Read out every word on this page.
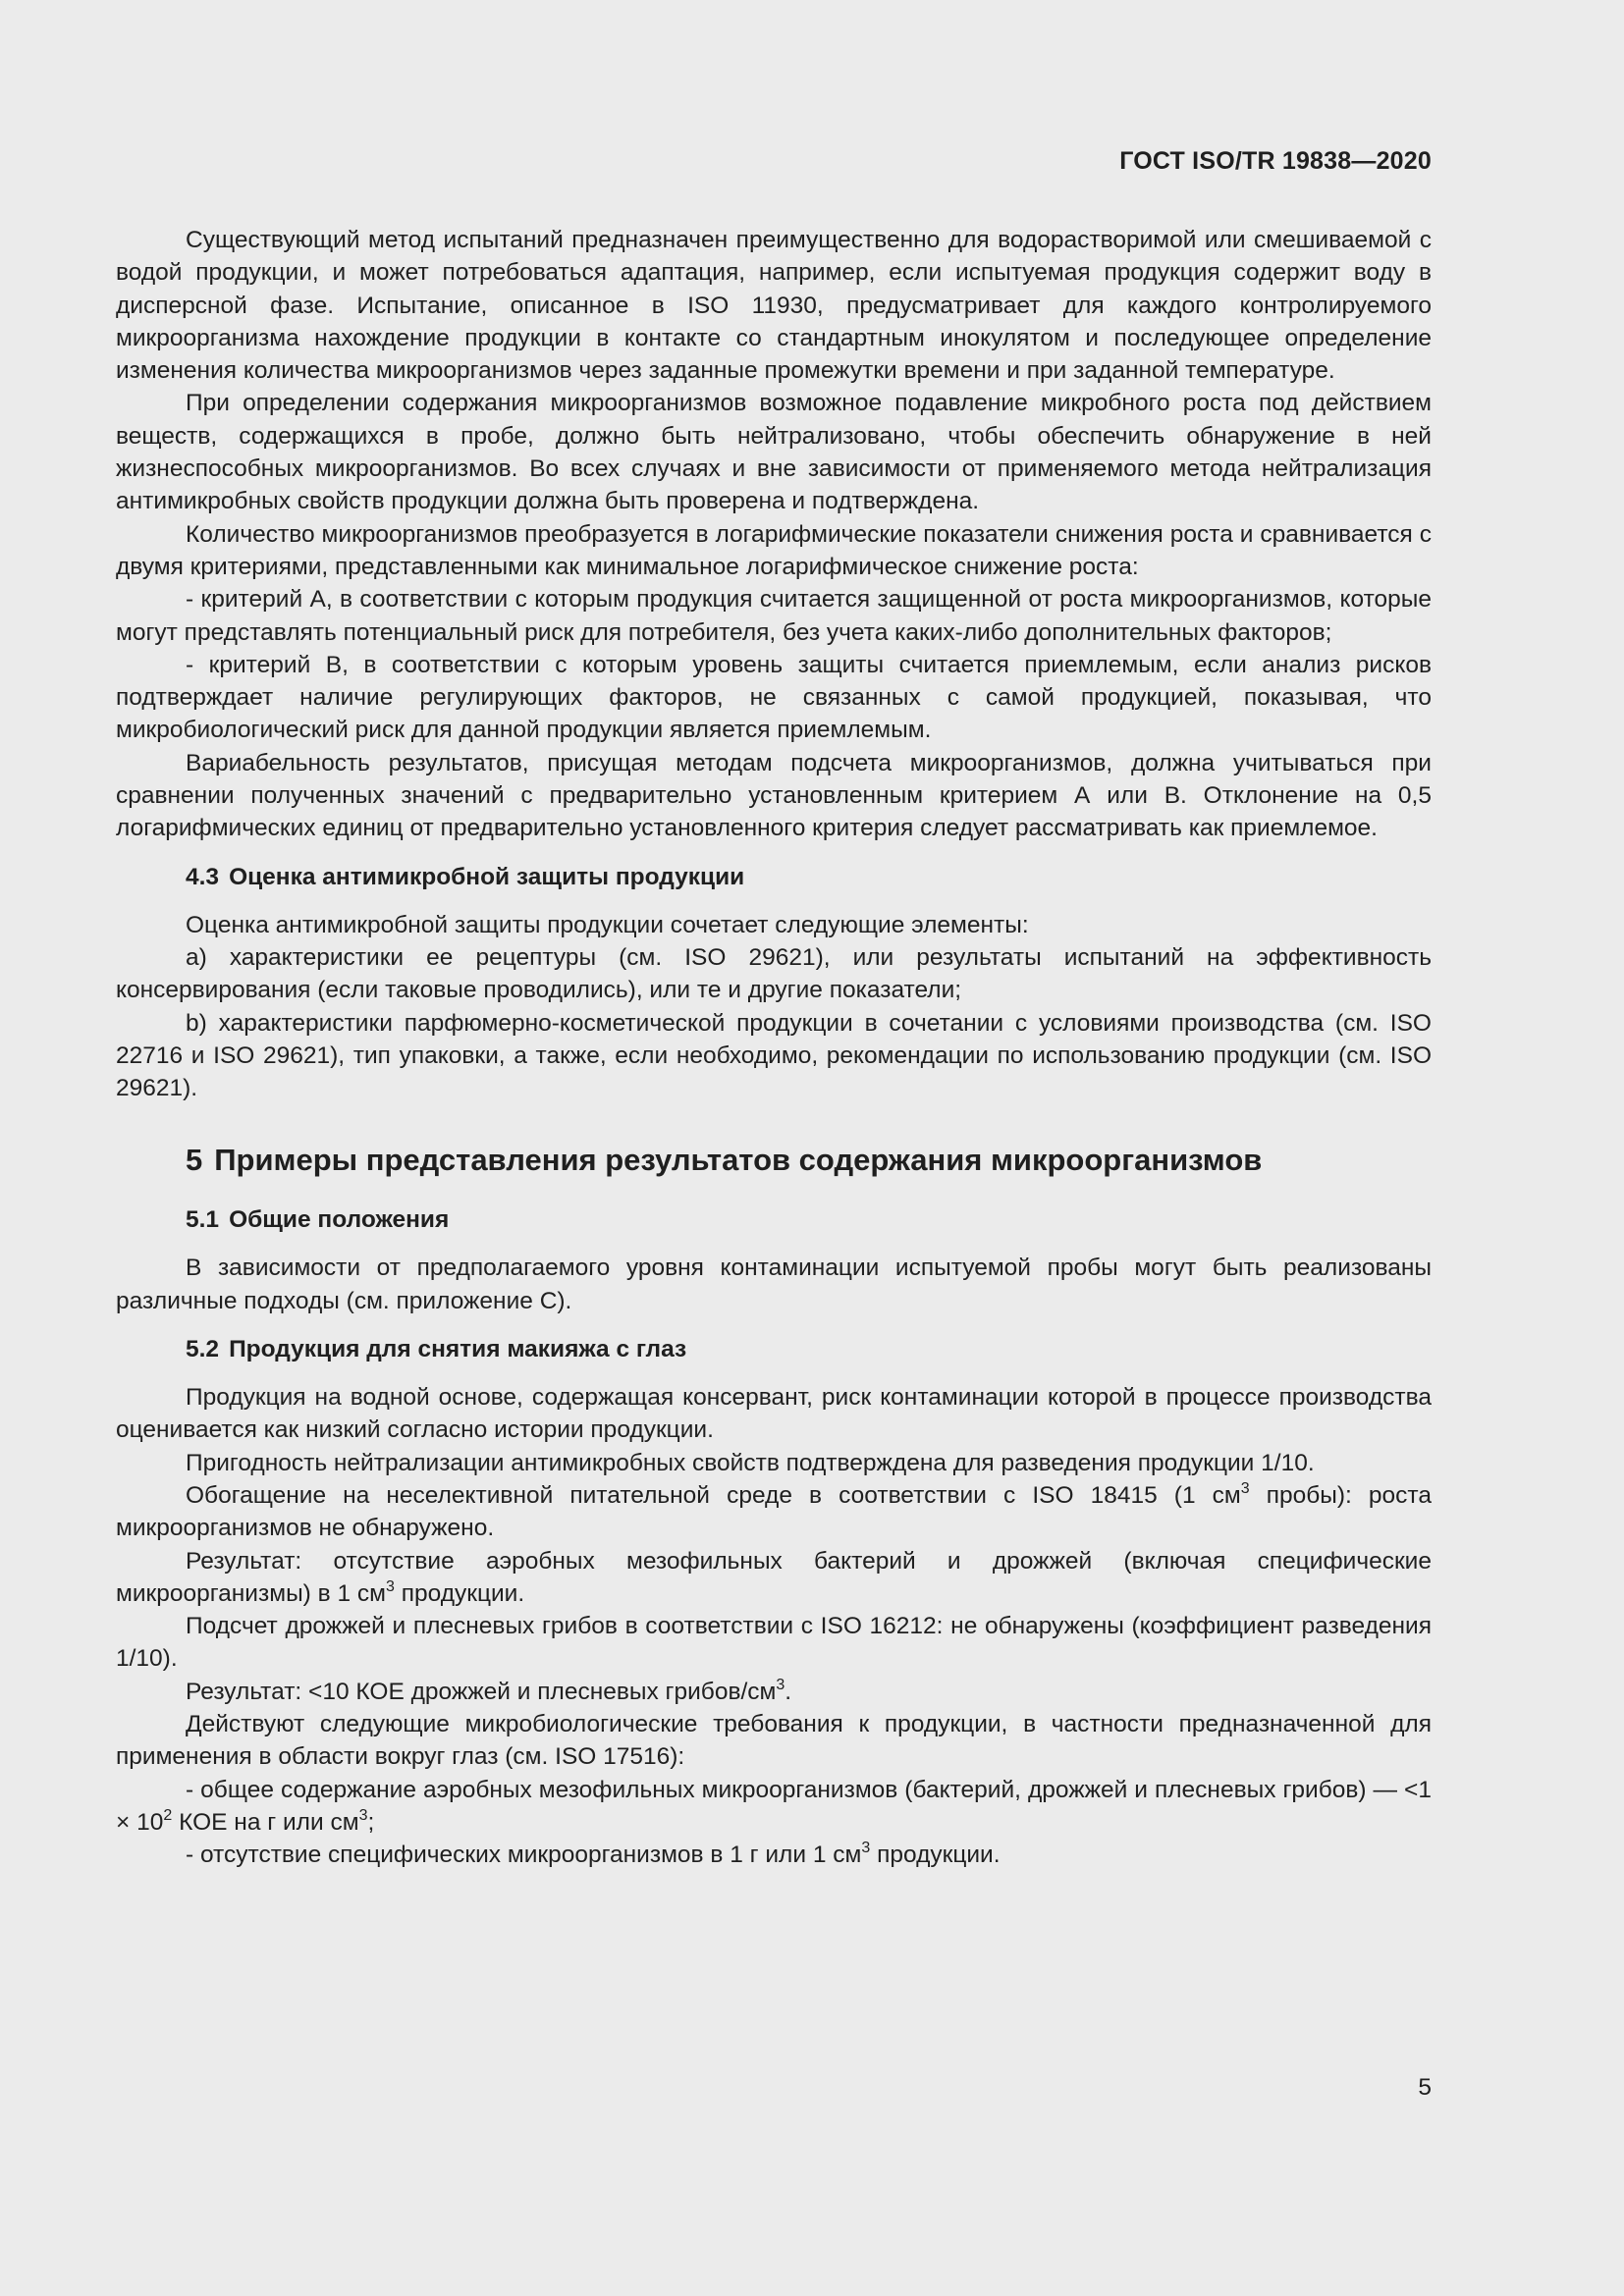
ГОСТ ISO/TR 19838—2020

Существующий метод испытаний предназначен преимущественно для водорастворимой или смешиваемой с водой продукции, и может потребоваться адаптация, например, если испытуемая продукция содержит воду в дисперсной фазе. Испытание, описанное в ISO 11930, предусматривает для каждого контролируемого микроорганизма нахождение продукции в контакте со стандартным инокулятом и последующее определение изменения количества микроорганизмов через заданные промежутки времени и при заданной температуре.

При определении содержания микроорганизмов возможное подавление микробного роста под действием веществ, содержащихся в пробе, должно быть нейтрализовано, чтобы обеспечить обнаружение в ней жизнеспособных микроорганизмов. Во всех случаях и вне зависимости от применяемого метода нейтрализация антимикробных свойств продукции должна быть проверена и подтверждена.

Количество микроорганизмов преобразуется в логарифмические показатели снижения роста и сравнивается с двумя критериями, представленными как минимальное логарифмическое снижение роста:

- критерий А, в соответствии с которым продукция считается защищенной от роста микроорганизмов, которые могут представлять потенциальный риск для потребителя, без учета каких-либо дополнительных факторов;

- критерий В, в соответствии с которым уровень защиты считается приемлемым, если анализ рисков подтверждает наличие регулирующих факторов, не связанных с самой продукцией, показывая, что микробиологический риск для данной продукции является приемлемым.

Вариабельность результатов, присущая методам подсчета микроорганизмов, должна учитываться при сравнении полученных значений с предварительно установленным критерием А или В. Отклонение на 0,5 логарифмических единиц от предварительно установленного критерия следует рассматривать как приемлемое.

4.3 Оценка антимикробной защиты продукции

Оценка антимикробной защиты продукции сочетает следующие элементы:

a) характеристики ее рецептуры (см. ISO 29621), или результаты испытаний на эффективность консервирования (если таковые проводились), или те и другие показатели;

b) характеристики парфюмерно-косметической продукции в сочетании с условиями производства (см. ISO 22716 и ISO 29621), тип упаковки, а также, если необходимо, рекомендации по использованию продукции (см. ISO 29621).

5 Примеры представления результатов содержания микроорганизмов
5.1 Общие положения

В зависимости от предполагаемого уровня контаминации испытуемой пробы могут быть реализованы различные подходы (см. приложение С).

5.2 Продукция для снятия макияжа с глаз

Продукция на водной основе, содержащая консервант, риск контаминации которой в процессе производства оценивается как низкий согласно истории продукции.

Пригодность нейтрализации антимикробных свойств подтверждена для разведения продукции 1/10.

Обогащение на неселективной питательной среде в соответствии с ISO 18415 (1 $см^3$ пробы): роста микроорганизмов не обнаружено.

Результат: отсутствие аэробных мезофильных бактерий и дрожжей (включая специфические микроорганизмы) в 1 $см^3$ продукции.

Подсчет дрожжей и плесневых грибов в соответствии с ISO 16212: не обнаружены (коэффициент разведения 1/10).

Результат: <10 КОЕ дрожжей и плесневых грибов/$см^3$.

Действуют следующие микробиологические требования к продукции, в частности предназначенной для применения в области вокруг глаз (см. ISO 17516):

- общее содержание аэробных мезофильных микроорганизмов (бактерий, дрожжей и плесневых грибов) — $<1 \times 10^2$ КОЕ на г или $см^3$;

- отсутствие специфических микроорганизмов в 1 г или 1 $см^3$ продукции.

5
